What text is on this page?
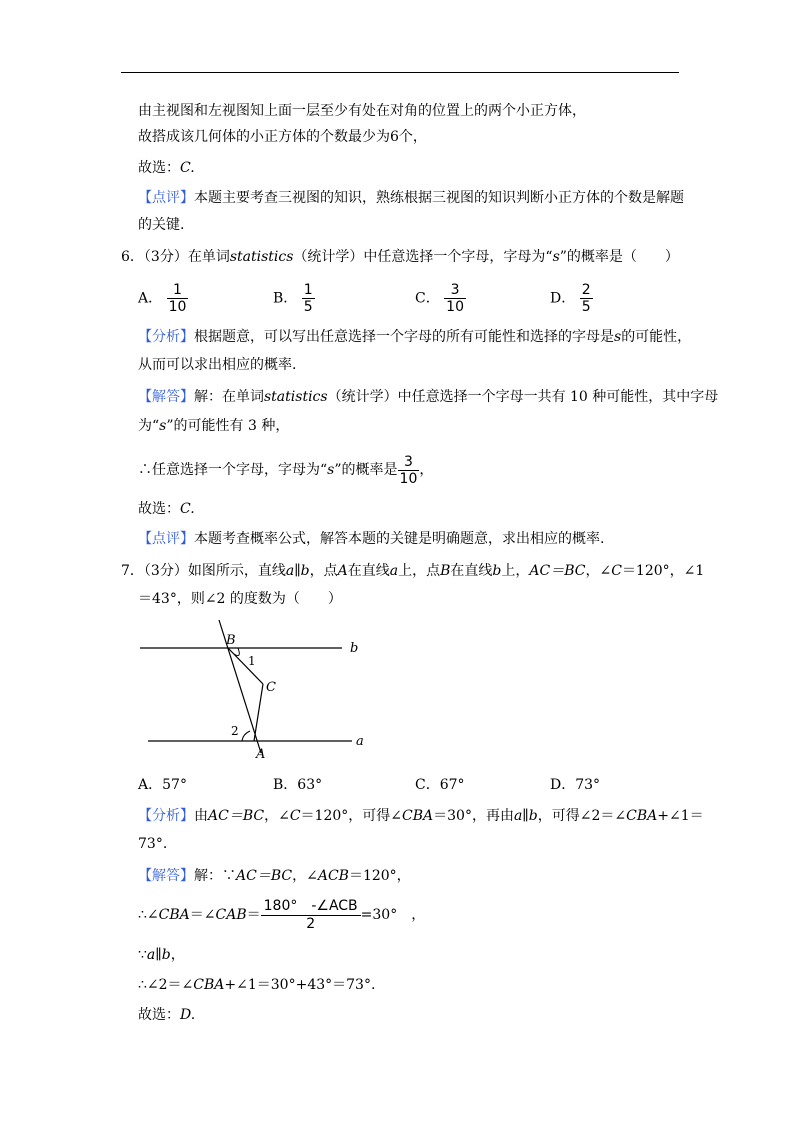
由主视图和左视图知上面一层至少有处在对角的位置上的两个小正方体，
故搭成该几何体的小正方体的个数最少为6个，
故选：C.
【点评】本题主要考查三视图的知识，熟练根据三视图的知识判断小正方体的个数是解题
的关键.
6．（3分）在单词statistics（统计学）中任意选择一个字母，字母为“s”的概率是（　　）
A． $\frac{1}{10}$	B． $\frac{1}{5}$	C． $\frac{3}{10}$	D． $\frac{2}{5}$
【分析】根据题意，可以写出任意选择一个字母的所有可能性和选择的字母是s的可能性，
从而可以求出相应的概率.
【解答】解：在单词statistics（统计学）中任意选择一个字母一共有 10 种可能性，其中字母
为“s”的可能性有 3 种，
∴任意选择一个字母，字母为“s”的概率是 $\frac{3}{10}$ ，
故选：C.
【点评】本题考查概率公式，解答本题的关键是明确题意，求出相应的概率.
7．（3分）如图所示，直线a∥b，点A在直线a上，点B在直线b上，AC＝BC，∠C＝120°，∠1
＝43°，则∠2 的度数为（　　）
B
1
C
2
A
b
a
A．57°	B．63°	C．67°	D．73°
【分析】由AC＝BC，∠C＝120°，可得∠CBA＝30°，再由a∥b，可得∠2＝∠CBA+∠1＝
73°.
【解答】解：∵AC＝BC，∠ACB＝120°，
∴∠CBA＝∠CAB＝ $\frac{\text{180°　-∠ACB}}{2} =30^\circ$　，
∵a∥b，
∴∠2＝∠CBA+∠1＝30°+43°＝73°.
故选：D.
